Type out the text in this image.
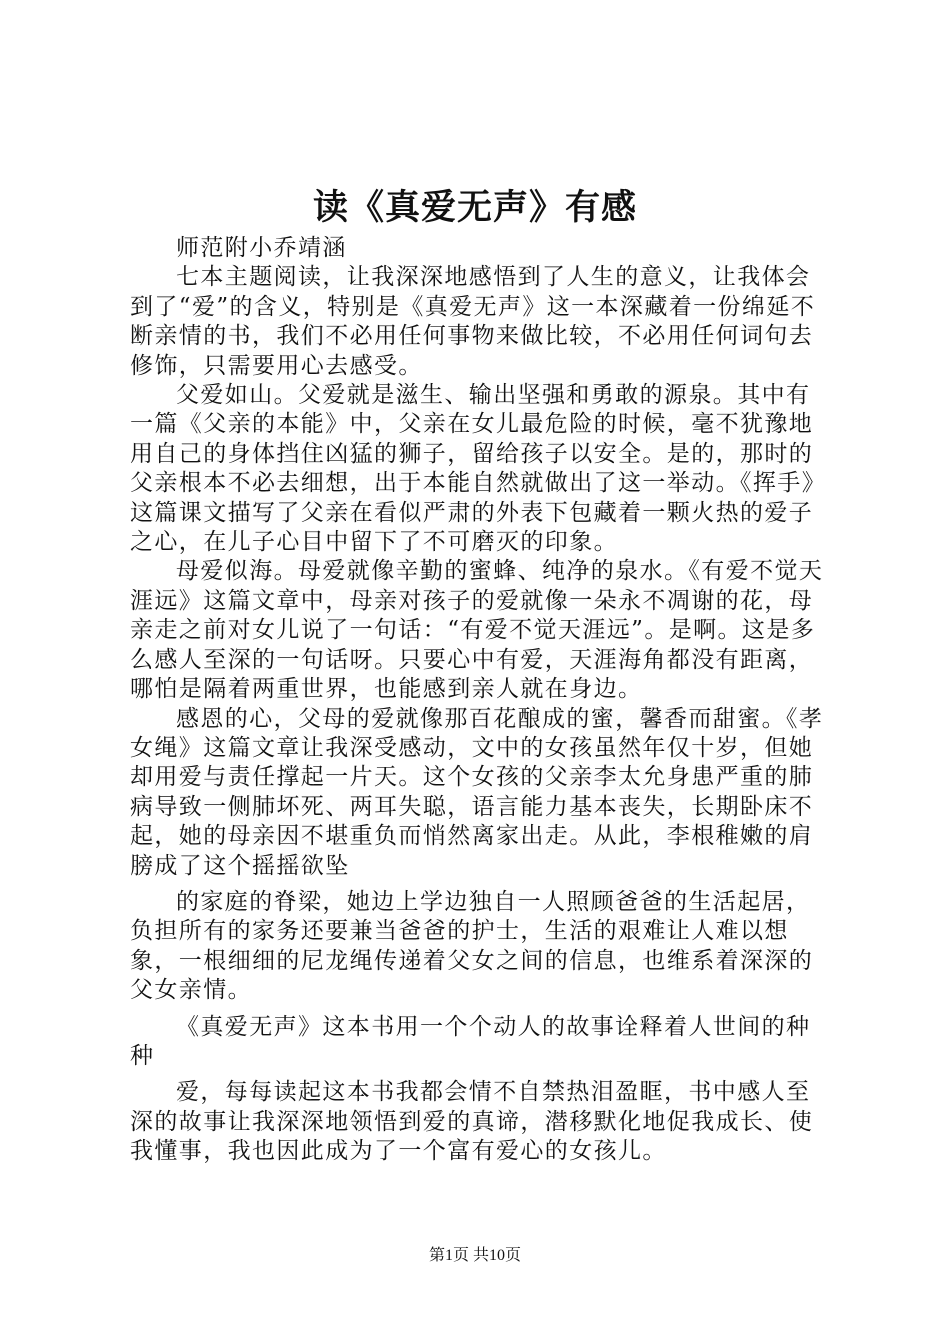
读《真爱无声》有感

师范附小乔靖涵

七本主题阅读，让我深深地感悟到了人生的意义，让我体会到了“爱”的含义，特别是《真爱无声》这一本深藏着一份绵延不断亲情的书，我们不必用任何事物来做比较，不必用任何词句去修饰，只需要用心去感受。

父爱如山。父爱就是滋生、输出坚强和勇敢的源泉。其中有一篇《父亲的本能》中，父亲在女儿最危险的时候，毫不犹豫地用自己的身体挡住凶猛的狮子，留给孩子以安全。是的，那时的父亲根本不必去细想，出于本能自然就做出了这一举动。《挥手》这篇课文描写了父亲在看似严肃的外表下包藏着一颗火热的爱子之心，在儿子心目中留下了不可磨灭的印象。

母爱似海。母爱就像辛勤的蜜蜂、纯净的泉水。《有爱不觉天涯远》这篇文章中，母亲对孩子的爱就像一朵永不凋谢的花，母亲走之前对女儿说了一句话：“有爱不觉天涯远”。是啊。这是多么感人至深的一句话呀。只要心中有爱，天涯海角都没有距离，哪怕是隔着两重世界，也能感到亲人就在身边。

感恩的心，父母的爱就像那百花酿成的蜜，馨香而甜蜜。《孝女绳》这篇文章让我深受感动，文中的女孩虽然年仅十岁，但她却用爱与责任撑起一片天。这个女孩的父亲李太允身患严重的肺病导致一侧肺坏死、两耳失聪，语言能力基本丧失，长期卧床不起，她的母亲因不堪重负而悄然离家出走。从此，李根稚嫩的肩膀成了这个摇摇欲坠

的家庭的脊梁，她边上学边独自一人照顾爸爸的生活起居，负担所有的家务还要兼当爸爸的护士，生活的艰难让人难以想象，一根细细的尼龙绳传递着父女之间的信息，也维系着深深的父女亲情。

《真爱无声》这本书用一个个动人的故事诠释着人世间的种种

爱，每每读起这本书我都会情不自禁热泪盈眶，书中感人至深的故事让我深深地领悟到爱的真谛，潜移默化地促我成长、使我懂事，我也因此成为了一个富有爱心的女孩儿。

第1页 共10页
